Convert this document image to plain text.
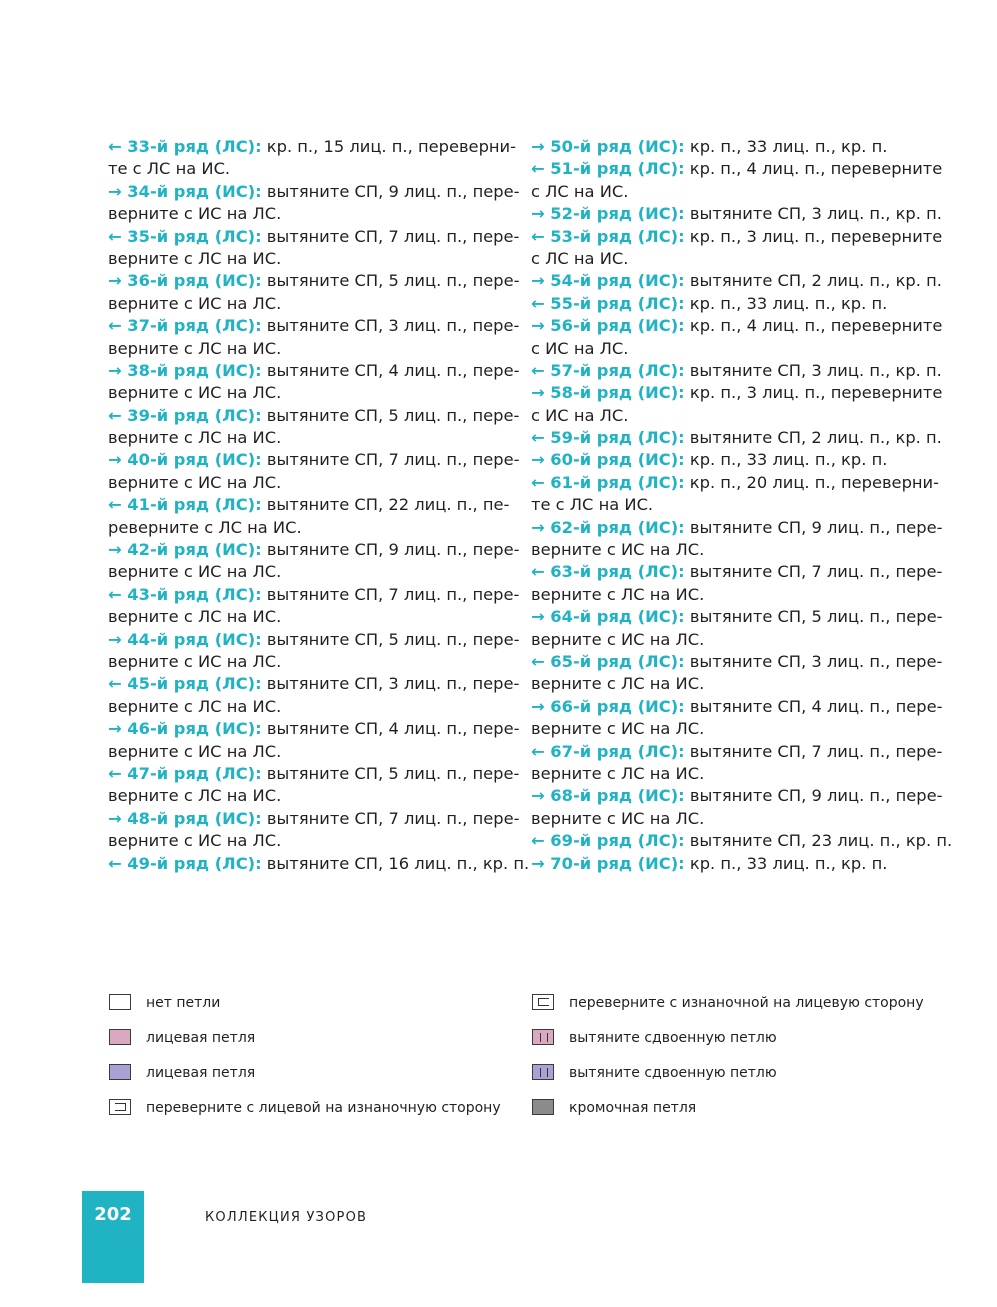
← 33-й ряд (ЛС): кр. п., 15 лиц. п., переверни-
те с ЛС на ИС.
→ 34-й ряд (ИС): вытяните СП, 9 лиц. п., пере-
верните с ИС на ЛС.
← 35-й ряд (ЛС): вытяните СП, 7 лиц. п., пере-
верните с ЛС на ИС.
→ 36-й ряд (ИС): вытяните СП, 5 лиц. п., пере-
верните с ИС на ЛС.
← 37-й ряд (ЛС): вытяните СП, 3 лиц. п., пере-
верните с ЛС на ИС.
→ 38-й ряд (ИС): вытяните СП, 4 лиц. п., пере-
верните с ИС на ЛС.
← 39-й ряд (ЛС): вытяните СП, 5 лиц. п., пере-
верните с ЛС на ИС.
→ 40-й ряд (ИС): вытяните СП, 7 лиц. п., пере-
верните с ИС на ЛС.
← 41-й ряд (ЛС): вытяните СП, 22 лиц. п., пе-
реверните с ЛС на ИС.
→ 42-й ряд (ИС): вытяните СП, 9 лиц. п., пере-
верните с ИС на ЛС.
← 43-й ряд (ЛС): вытяните СП, 7 лиц. п., пере-
верните с ЛС на ИС.
→ 44-й ряд (ИС): вытяните СП, 5 лиц. п., пере-
верните с ИС на ЛС.
← 45-й ряд (ЛС): вытяните СП, 3 лиц. п., пере-
верните с ЛС на ИС.
→ 46-й ряд (ИС): вытяните СП, 4 лиц. п., пере-
верните с ИС на ЛС.
← 47-й ряд (ЛС): вытяните СП, 5 лиц. п., пере-
верните с ЛС на ИС.
→ 48-й ряд (ИС): вытяните СП, 7 лиц. п., пере-
верните с ИС на ЛС.
← 49-й ряд (ЛС): вытяните СП, 16 лиц. п., кр. п.
→ 50-й ряд (ИС): кр. п., 33 лиц. п., кр. п.
← 51-й ряд (ЛС): кр. п., 4 лиц. п., переверните
с ЛС на ИС.
→ 52-й ряд (ИС): вытяните СП, 3 лиц. п., кр. п.
← 53-й ряд (ЛС): кр. п., 3 лиц. п., переверните
с ЛС на ИС.
→ 54-й ряд (ИС): вытяните СП, 2 лиц. п., кр. п.
← 55-й ряд (ЛС): кр. п., 33 лиц. п., кр. п.
→ 56-й ряд (ИС): кр. п., 4 лиц. п., переверните
с ИС на ЛС.
← 57-й ряд (ЛС): вытяните СП, 3 лиц. п., кр. п.
→ 58-й ряд (ИС): кр. п., 3 лиц. п., переверните
с ИС на ЛС.
← 59-й ряд (ЛС): вытяните СП, 2 лиц. п., кр. п.
→ 60-й ряд (ИС): кр. п., 33 лиц. п., кр. п.
← 61-й ряд (ЛС): кр. п., 20 лиц. п., переверни-
те с ЛС на ИС.
→ 62-й ряд (ИС): вытяните СП, 9 лиц. п., пере-
верните с ИС на ЛС.
← 63-й ряд (ЛС): вытяните СП, 7 лиц. п., пере-
верните с ЛС на ИС.
→ 64-й ряд (ИС): вытяните СП, 5 лиц. п., пере-
верните с ИС на ЛС.
← 65-й ряд (ЛС): вытяните СП, 3 лиц. п., пере-
верните с ЛС на ИС.
→ 66-й ряд (ИС): вытяните СП, 4 лиц. п., пере-
верните с ИС на ЛС.
← 67-й ряд (ЛС): вытяните СП, 7 лиц. п., пере-
верните с ЛС на ИС.
→ 68-й ряд (ИС): вытяните СП, 9 лиц. п., пере-
верните с ИС на ЛС.
← 69-й ряд (ЛС): вытяните СП, 23 лиц. п., кр. п.
→ 70-й ряд (ИС): кр. п., 33 лиц. п., кр. п.
нет петли
лицевая петля
лицевая петля
переверните с лицевой на изнаночную сторону
переверните с изнаночной на лицевую сторону
вытяните сдвоенную петлю
вытяните сдвоенную петлю
кромочная петля
202	КОЛЛЕКЦИЯ УЗОРОВ
